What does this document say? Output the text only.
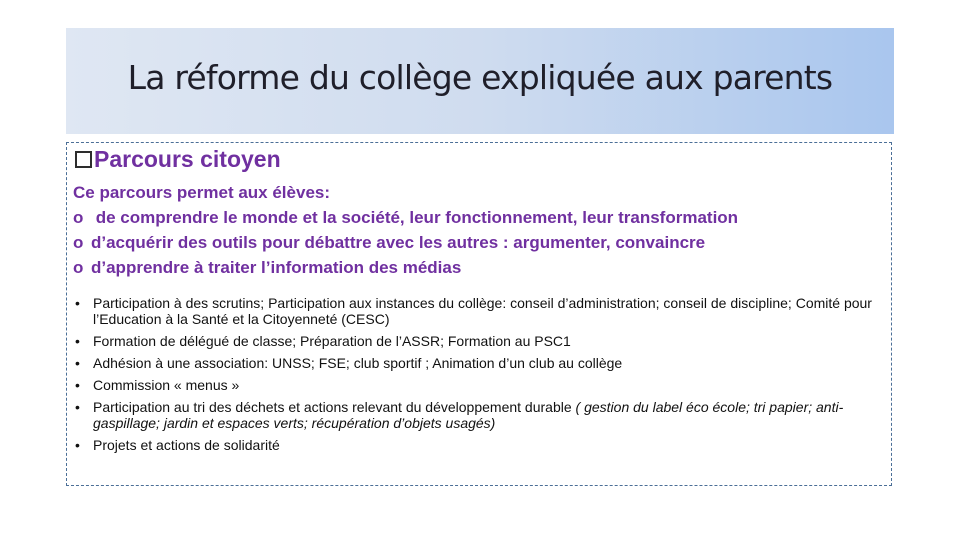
La réforme du collège expliquée aux parents
Parcours citoyen
Ce parcours permet aux élèves:
o de comprendre le monde et la société, leur fonctionnement, leur transformation
o d’acquérir des outils pour débattre avec les autres : argumenter, convaincre
o d’apprendre à traiter l’information des médias
• Participation à des scrutins; Participation aux instances du collège: conseil d’administration; conseil de discipline; Comité pour l’Education à la Santé et la Citoyenneté (CESC)
• Formation de délégué de classe; Préparation de l’ASSR; Formation au PSC1
• Adhésion à une association: UNSS; FSE; club sportif ; Animation d’un club au collège
• Commission « menus »
• Participation au tri des déchets et actions relevant du développement durable ( gestion du label éco école; tri papier; anti-gaspillage; jardin et espaces verts; récupération d’objets usagés)
• Projets et actions de solidarité
